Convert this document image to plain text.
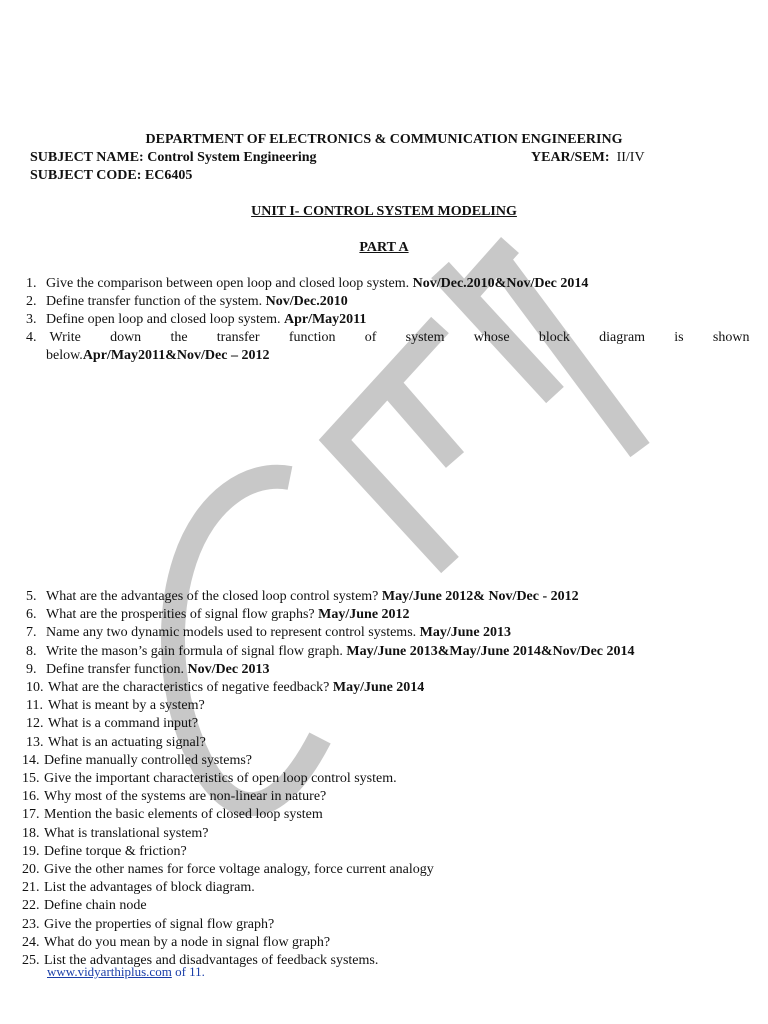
DEPARTMENT OF ELECTRONICS & COMMUNICATION ENGINEERING
SUBJECT NAME: Control System Engineering	YEAR/SEM: II/IV
SUBJECT CODE: EC6405
UNIT I- CONTROL SYSTEM MODELING
PART A
1. Give the comparison between open loop and closed loop system. Nov/Dec.2010&Nov/Dec 2014
2. Define transfer function of the system. Nov/Dec.2010
3. Define open loop and closed loop system. Apr/May2011
4. Write down the transfer function of system whose block diagram is shown
below.Apr/May2011&Nov/Dec – 2012
5. What are the advantages of the closed loop control system? May/June 2012& Nov/Dec - 2012
6. What are the prosperities of signal flow graphs? May/June 2012
7. Name any two dynamic models used to represent control systems. May/June 2013
8. Write the mason’s gain formula of signal flow graph. May/June 2013&May/June 2014&Nov/Dec 2014
9. Define transfer function. Nov/Dec 2013
10. What are the characteristics of negative feedback? May/June 2014
11. What is meant by a system?
12. What is a command input?
13. What is an actuating signal?
14. Define manually controlled systems?
15. Give the important characteristics of open loop control system.
16. Why most of the systems are non-linear in nature?
17. Mention the basic elements of closed loop system
18. What is translational system?
19. Define torque & friction?
20. Give the other names for force voltage analogy, force current analogy
21. List the advantages of block diagram.
22. Define chain node
23. Give the properties of signal flow graph?
24. What do you mean by a node in signal flow graph?
25. List the advantages and disadvantages of feedback systems.
www.vidyarthiplus.com of 11.
